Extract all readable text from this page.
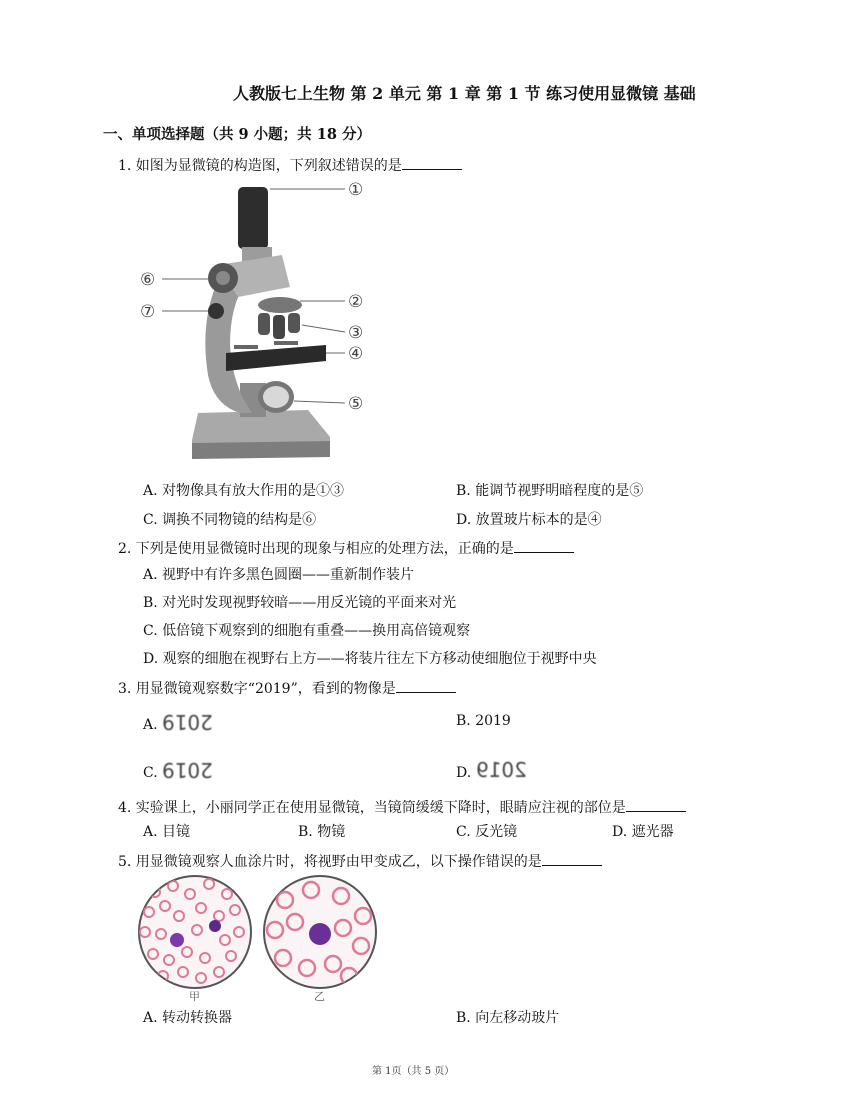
人教版七上生物 第 2 单元 第 1 章 第 1 节 练习使用显微镜 基础
一、单项选择题（共 9 小题；共 18 分）
1. 如图为显微镜的构造图，下列叙述错误的是
①
②
③
④
⑤
⑥
⑦
A. 对物像具有放大作用的是①③	B. 能调节视野明暗程度的是⑤
C. 调换不同物镜的结构是⑥	D. 放置玻片标本的是④
2. 下列是使用显微镜时出现的现象与相应的处理方法，正确的是
A. 视野中有许多黑色圆圈——重新制作装片
B. 对光时发现视野较暗——用反光镜的平面来对光
C. 低倍镜下观察到的细胞有重叠——换用高倍镜观察
D. 观察的细胞在视野右上方——将装片往左下方移动使细胞位于视野中央
3. 用显微镜观察数字“2019”，看到的物像是
A. 2019	B. 2019
C. 2019	D. 2019
4. 实验课上，小丽同学正在使用显微镜，当镜筒缓缓下降时，眼睛应注视的部位是
A. 目镜	B. 物镜	C. 反光镜	D. 遮光器
5. 用显微镜观察人血涂片时，将视野由甲变成乙，以下操作错误的是
甲	乙
A. 转动转换器	B. 向左移动玻片
第 1页（共 5 页）
